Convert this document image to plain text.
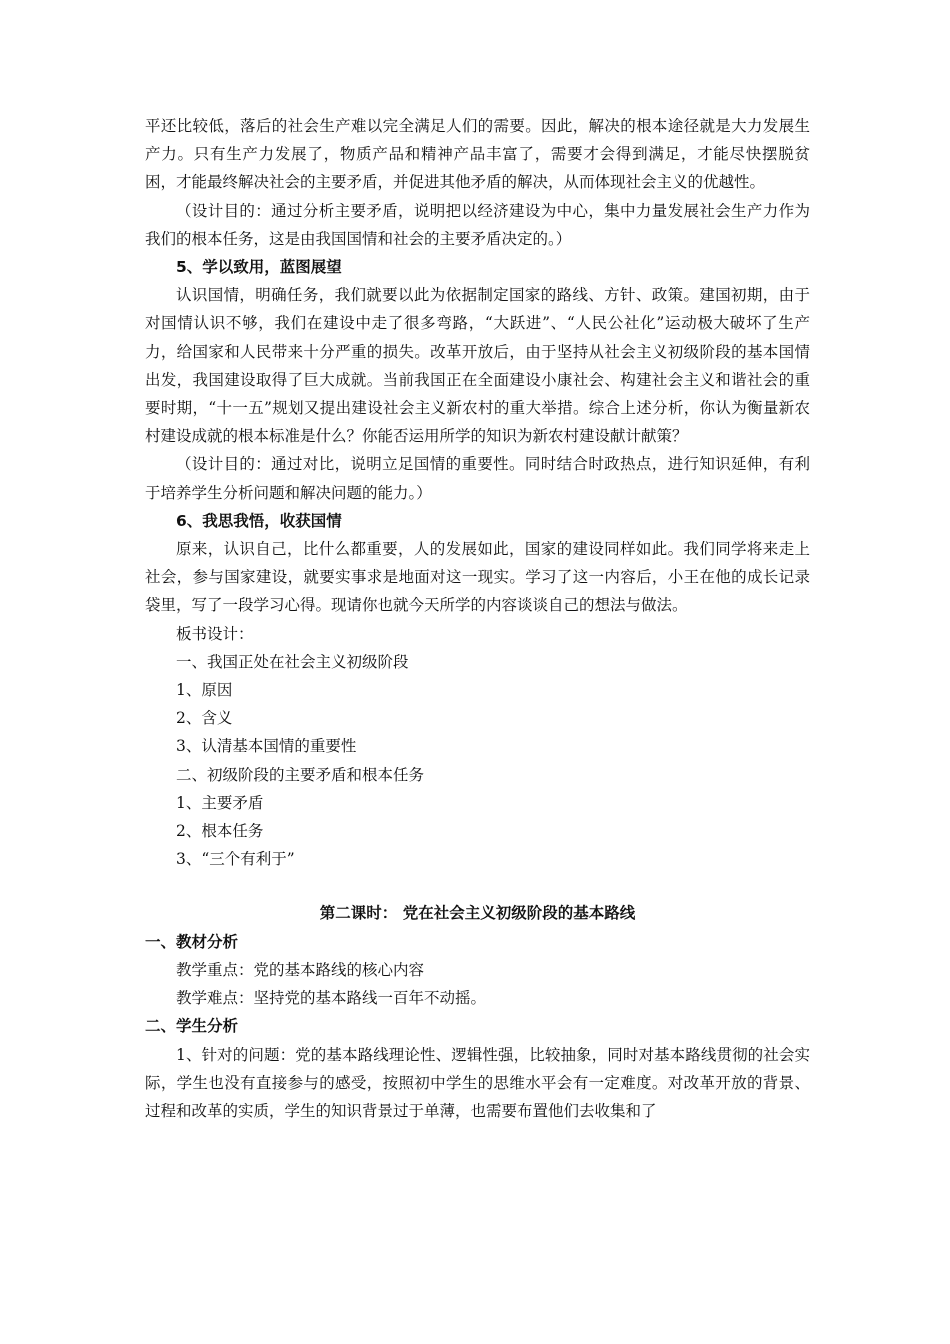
平还比较低，落后的社会生产难以完全满足人们的需要。因此，解决的根本途径就是大力发展生产力。只有生产力发展了，物质产品和精神产品丰富了，需要才会得到满足，才能尽快摆脱贫困，才能最终解决社会的主要矛盾，并促进其他矛盾的解决，从而体现社会主义的优越性。

（设计目的：通过分析主要矛盾，说明把以经济建设为中心，集中力量发展社会生产力作为我们的根本任务，这是由我国国情和社会的主要矛盾决定的。）

5、学以致用，蓝图展望

认识国情，明确任务，我们就要以此为依据制定国家的路线、方针、政策。建国初期，由于对国情认识不够，我们在建设中走了很多弯路，“大跃进”、“人民公社化”运动极大破坏了生产力，给国家和人民带来十分严重的损失。改革开放后，由于坚持从社会主义初级阶段的基本国情出发，我国建设取得了巨大成就。当前我国正在全面建设小康社会、构建社会主义和谐社会的重要时期，“十一五”规划又提出建设社会主义新农村的重大举措。综合上述分析，你认为衡量新农村建设成就的根本标准是什么？你能否运用所学的知识为新农村建设献计献策？

（设计目的：通过对比，说明立足国情的重要性。同时结合时政热点，进行知识延伸，有利于培养学生分析问题和解决问题的能力。）

6、我思我悟，收获国情

原来，认识自己，比什么都重要，人的发展如此，国家的建设同样如此。我们同学将来走上社会，参与国家建设，就要实事求是地面对这一现实。学习了这一内容后，小王在他的成长记录袋里，写了一段学习心得。现请你也就今天所学的内容谈谈自己的想法与做法。

板书设计：

一、我国正处在社会主义初级阶段

1、原因

2、含义

3、认清基本国情的重要性

二、初级阶段的主要矛盾和根本任务

1、主要矛盾

2、根本任务

3、“三个有利于”

第二课时： 党在社会主义初级阶段的基本路线

一、教材分析

教学重点：党的基本路线的核心内容

教学难点：坚持党的基本路线一百年不动摇。

二、学生分析

1、针对的问题：党的基本路线理论性、逻辑性强，比较抽象，同时对基本路线贯彻的社会实际，学生也没有直接参与的感受，按照初中学生的思维水平会有一定难度。对改革开放的背景、过程和改革的实质，学生的知识背景过于单薄，也需要布置他们去收集和了
